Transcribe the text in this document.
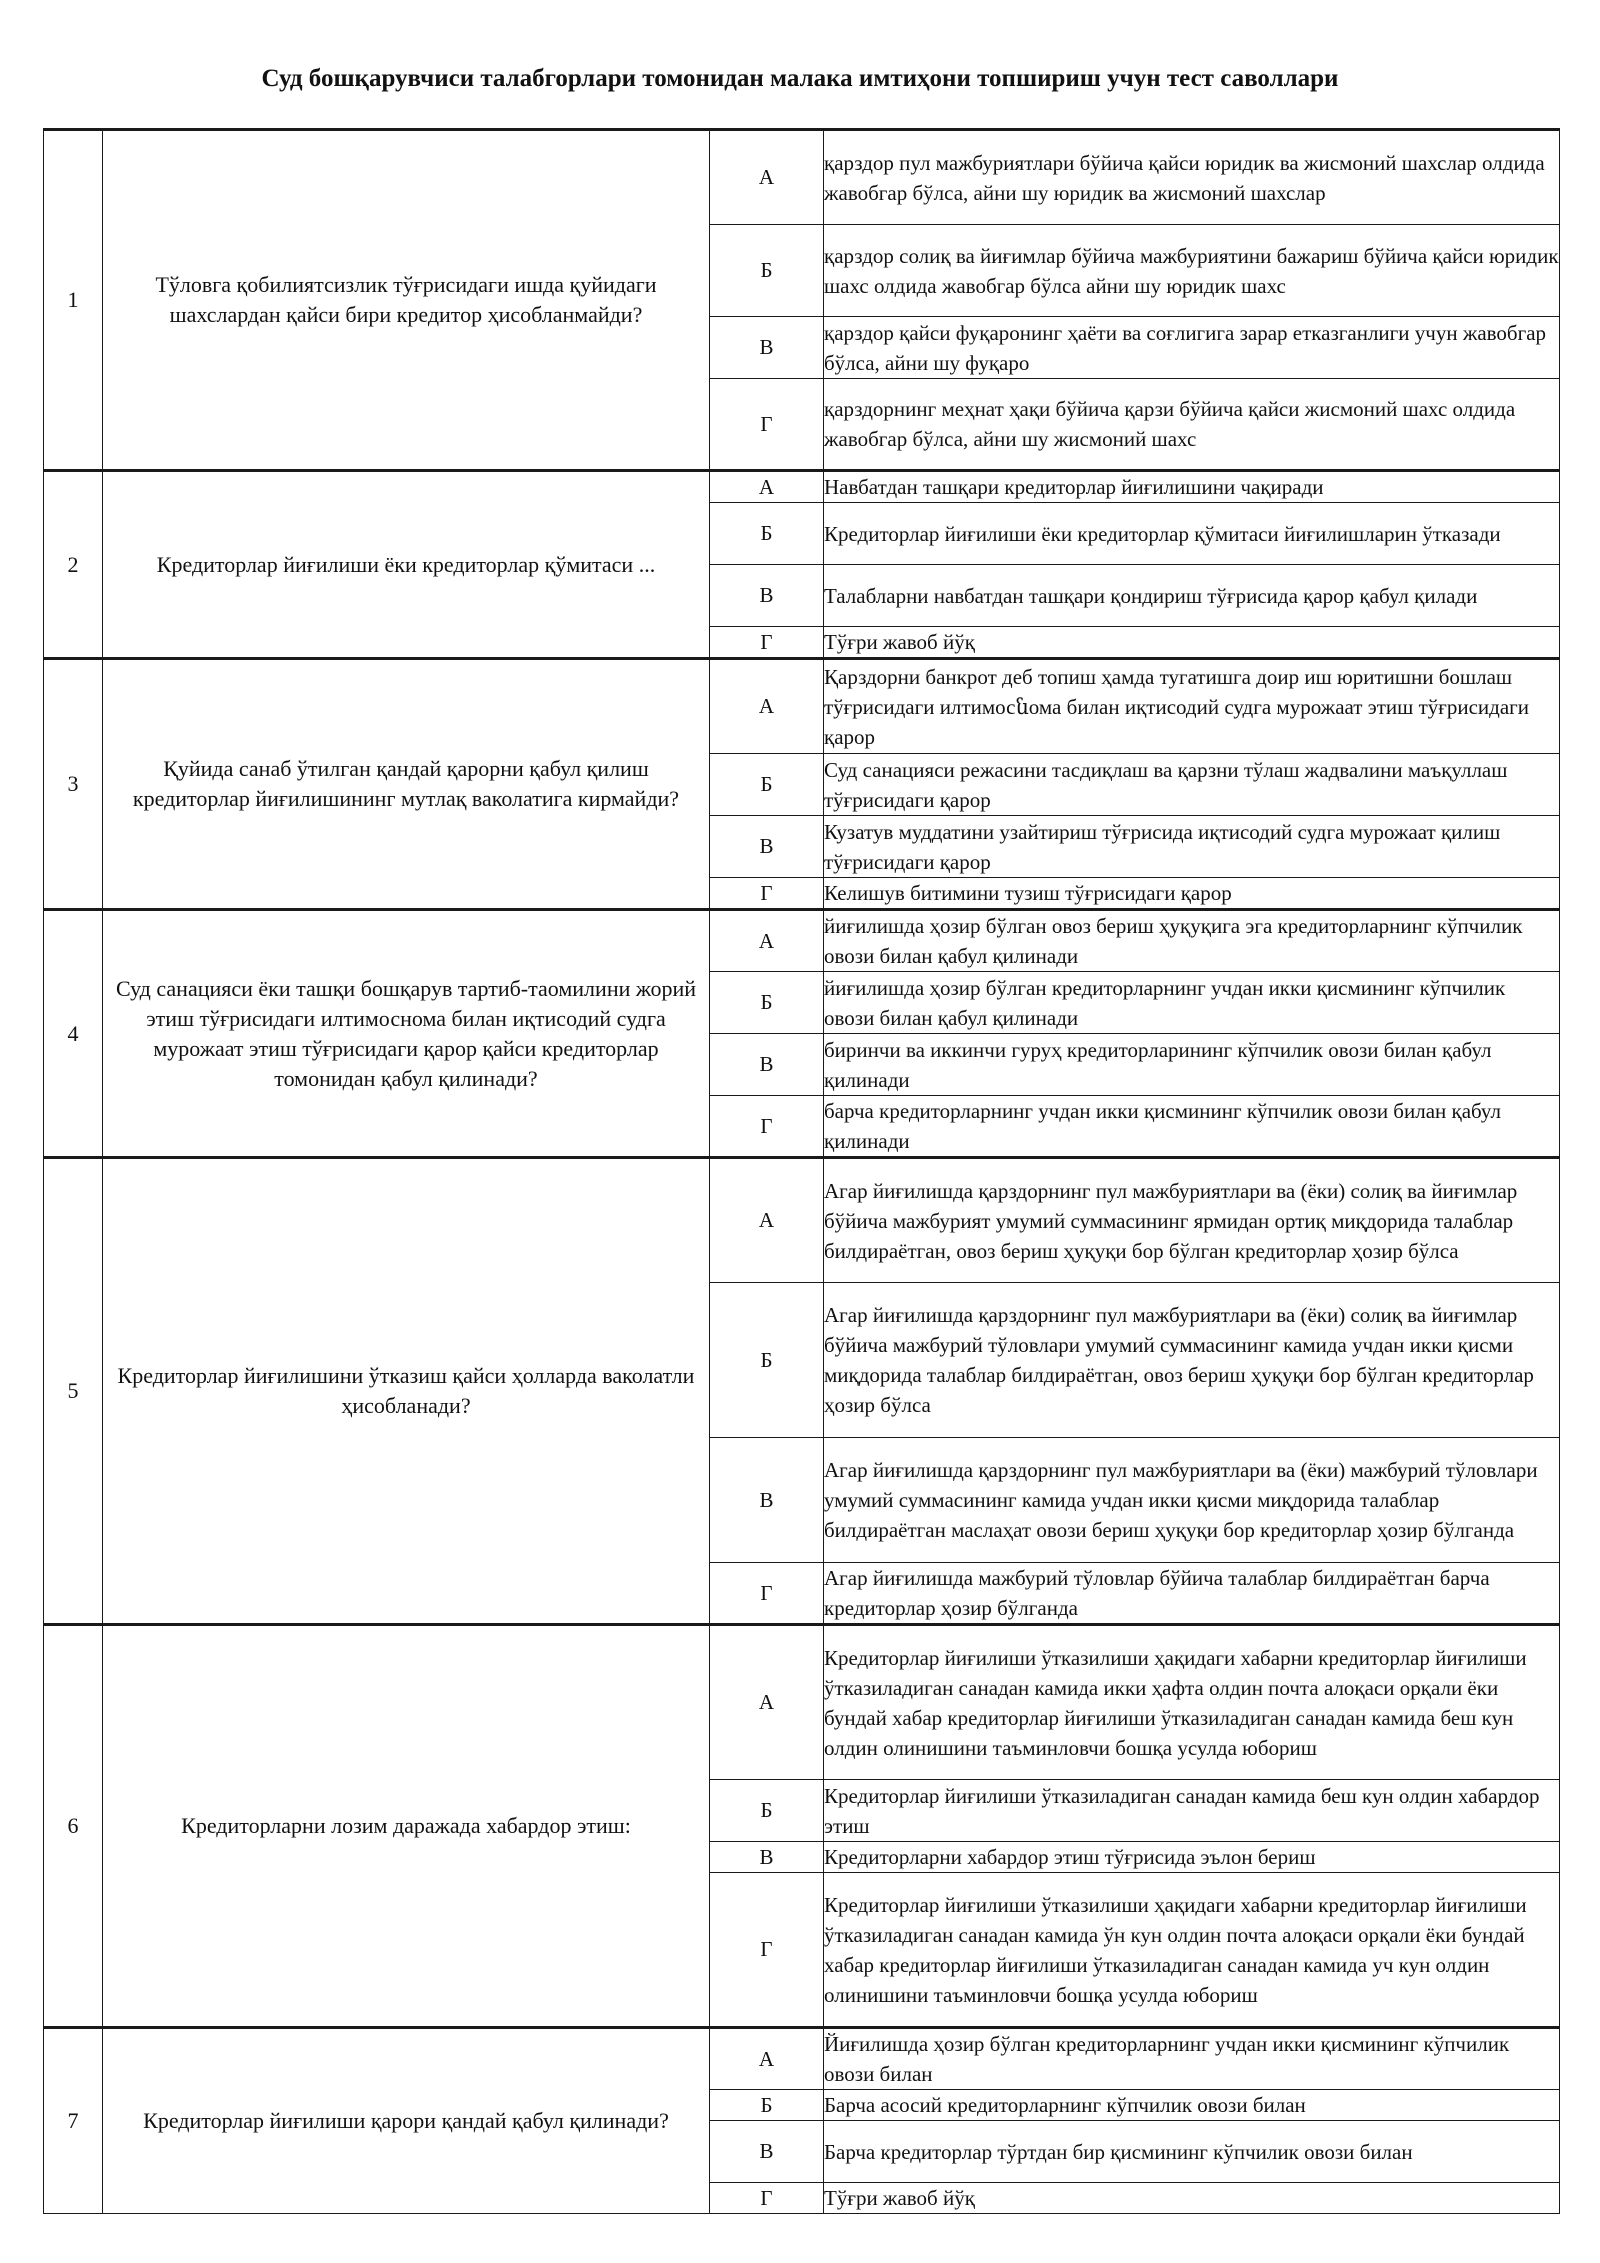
Суд бошқарувчиси талабгорлари томонидан малака имтиҳони топшириш учун тест саволлари
1	Тўловга қобилиятсизлик тўғрисидаги ишда қуйидаги шахслардан қайси бири кредитор ҳисобланмайди?	А	қарздор пул мажбуриятлари бўйича қайси юридик ва жисмоний шахслар олдида жавобгар бўлса, айни шу юридик ва жисмоний шахслар
		Б	қарздор солиқ ва йиғимлар бўйича мажбуриятини бажариш бўйича қайси юридик шахс олдида жавобгар бўлса айни шу юридик шахс
		В	қарздор қайси фуқаронинг ҳаёти ва соғлигига зарар етказганлиги учун жавобгар бўлса, айни шу фуқаро
		Г	қарздорнинг меҳнат ҳақи бўйича қарзи бўйича қайси жисмоний шахс олдида жавобгар бўлса, айни шу жисмоний шахс
2	Кредиторлар йиғилиши ёки кредиторлар қўмитаси ...	А	Навбатдан ташқари кредиторлар йиғилишини чақиради
		Б	Кредиторлар йиғилиши ёки кредиторлар қўмитаси йиғилишларин ўтказади
		В	Талабларни навбатдан ташқари қондириш тўғрисида қарор қабул қилади
		Г	Тўғри жавоб йўқ
3	Қуйида санаб ўтилган қандай қарорни қабул қилиш кредиторлар йиғилишининг мутлақ ваколатига кирмайди?	А	Қарздорни банкрот деб топиш ҳамда тугатишга доир иш юритишни бошлаш тўғрисидаги илтимосնома билан иқтисодий судга мурожаат этиш тўғрисидаги қарор
		Б	Суд санацияси режасини тасдиқлаш ва қарзни тўлаш жадвалини маъқуллаш тўғрисидаги қарор
		В	Кузатув муддатини узайтириш тўғрисида иқтисодий судга мурожаат қилиш тўғрисидаги қарор
		Г	Келишув битимини тузиш тўғрисидаги қарор
4	Суд санацияси ёки ташқи бошқарув тартиб-таомилини жорий этиш тўғрисидаги илтимоснома билан иқтисодий судга мурожаат этиш тўғрисидаги қарор қайси кредиторлар томонидан қабул қилинади?	А	йиғилишда ҳозир бўлган овоз бериш ҳуқуқига эга кредиторларнинг кўпчилик овози билан қабул қилинади
		Б	йиғилишда ҳозир бўлган кредиторларнинг учдан икки қисмининг кўпчилик овози билан қабул қилинади
		В	биринчи ва иккинчи гуруҳ кредиторларининг кўпчилик овози билан қабул қилинади
		Г	барча кредиторларнинг учдан икки қисмининг кўпчилик овози билан қабул қилинади
5	Кредиторлар йиғилишини ўтказиш қайси ҳолларда ваколатли ҳисобланади?	А	Агар йиғилишда қарздорнинг пул мажбуриятлари ва (ёки) солиқ ва йиғимлар бўйича мажбурият умумий суммасининг ярмидан ортиқ миқдорида талаблар билдираётган, овоз бериш ҳуқуқи бор бўлган кредиторлар ҳозир бўлса
		Б	Агар йиғилишда қарздорнинг пул мажбуриятлари ва (ёки) солиқ ва йиғимлар бўйича мажбурий тўловлари умумий суммасининг камида учдан икки қисми миқдорида талаблар билдираётган, овоз бериш ҳуқуқи бор бўлган кредиторлар ҳозир бўлса
		В	Агар йиғилишда қарздорнинг пул мажбуриятлари ва (ёки) мажбурий тўловлари умумий суммасининг камида учдан икки қисми миқдорида талаблар билдираётган маслаҳат овози бериш ҳуқуқи бор кредиторлар ҳозир бўлганда
		Г	Агар йиғилишда мажбурий тўловлар бўйича талаблар билдираётган барча кредиторлар ҳозир бўлганда
6	Кредиторларни лозим даражада хабардор этиш:	А	Кредиторлар йиғилиши ўтказилиши ҳақидаги хабарни кредиторлар йиғилиши ўтказиладиган санадан камида икки ҳафта олдин почта алоқаси орқали ёки бундай хабар кредиторлар йиғилиши ўтказиладиган санадан камида беш кун олдин олинишини таъминловчи бошқа усулда юбориш
		Б	Кредиторлар йиғилиши ўтказиладиган санадан камида беш кун олдин хабардор этиш
		В	Кредиторларни хабардор этиш тўғрисида эълон бериш
		Г	Кредиторлар йиғилиши ўтказилиши ҳақидаги хабарни кредиторлар йиғилиши ўтказиладиган санадан камида ўн кун олдин почта алоқаси орқали ёки бундай хабар кредиторлар йиғилиши ўтказиладиган санадан камида уч кун олдин олинишини таъминловчи бошқа усулда юбориш
7	Кредиторлар йиғилиши қарори қандай қабул қилинади?	А	Йиғилишда ҳозир бўлган кредиторларнинг учдан икки қисмининг кўпчилик овози билан
		Б	Барча асосий кредиторларнинг кўпчилик овози билан
		В	Барча кредиторлар тўртдан бир қисмининг кўпчилик овози билан
		Г	Тўғри жавоб йўқ
